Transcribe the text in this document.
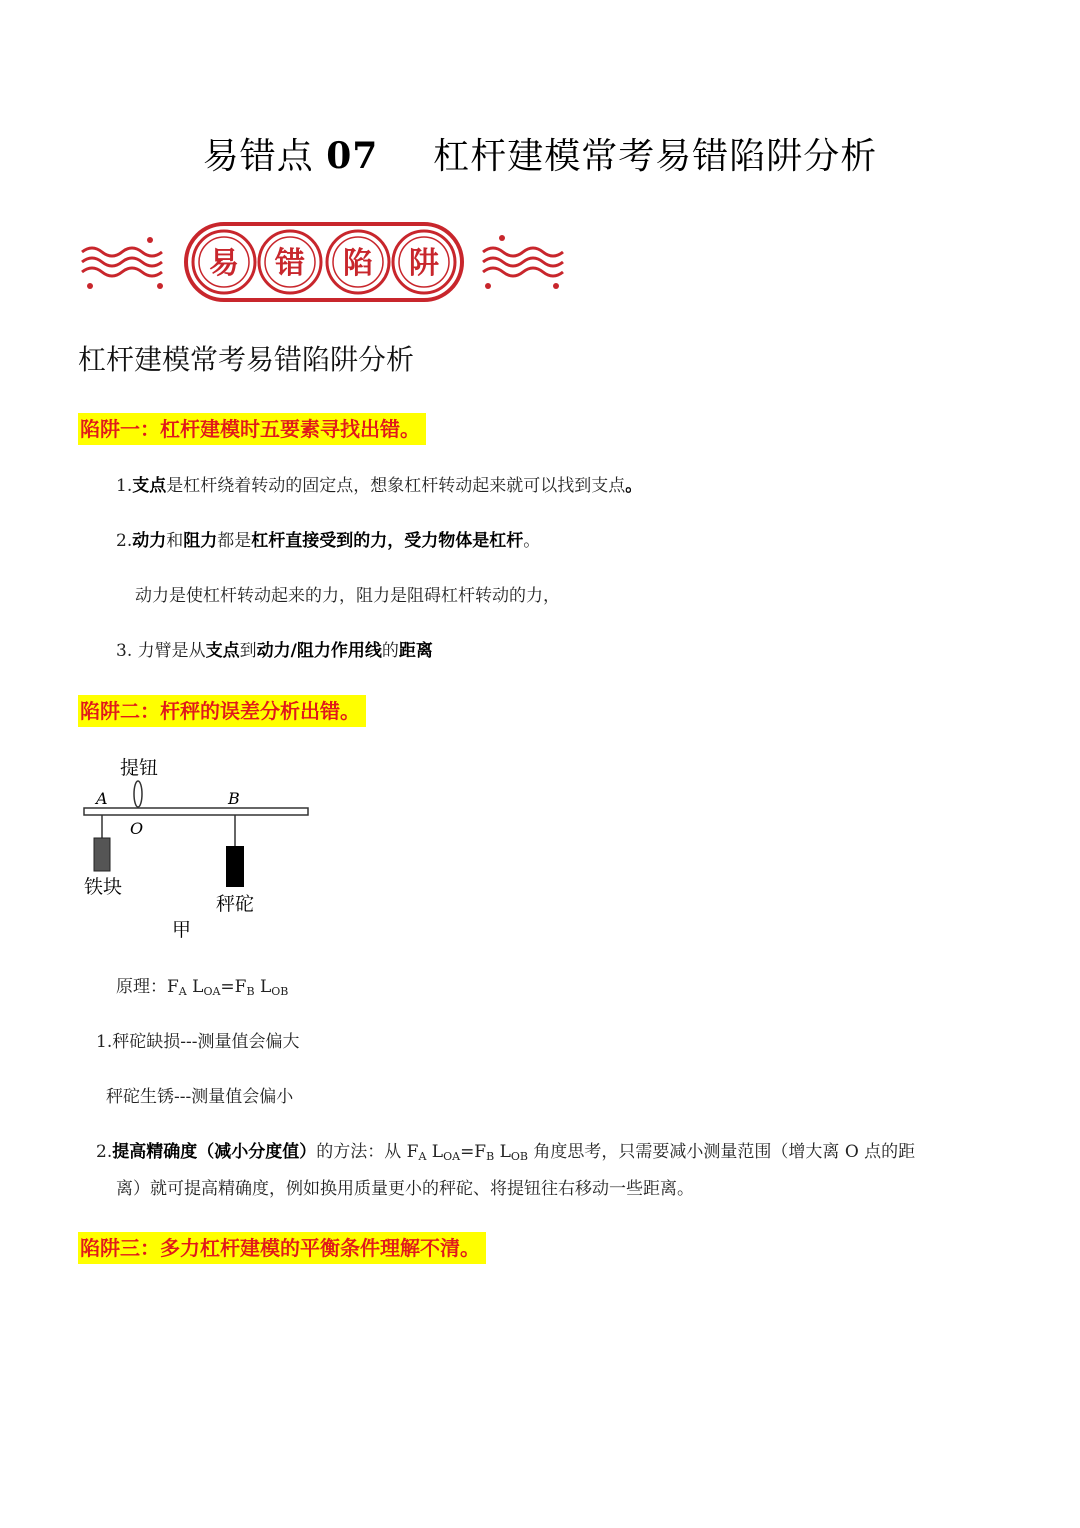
易错点 07 杠杆建模常考易错陷阱分析
易 错 陷 阱
杠杆建模常考易错陷阱分析
陷阱一：杠杆建模时五要素寻找出错。
1.支点是杠杆绕着转动的固定点，想象杠杆转动起来就可以找到支点。
2.动力和阻力都是杠杆直接受到的力，受力物体是杠杆。
动力是使杠杆转动起来的力，阻力是阻碍杠杆转动的力，
3. 力臂是从支点到动力/阻力作用线的距离
陷阱二：杆秤的误差分析出错。
提钮
A	B
O
铁块
秤砣
甲
原理：$F_A$ $L_{OA}=F_B$ $L_{OB}$
1.秤砣缺损---测量值会偏大
秤砣生锈---测量值会偏小
2.提高精确度（减小分度值）的方法：从 $F_A$ $L_{OA}=F_B$ $L_{OB}$ 角度思考，只需要减小测量范围（增大离 O 点的距
离）就可提高精确度，例如换用质量更小的秤砣、将提钮往右移动一些距离。
陷阱三：多力杠杆建模的平衡条件理解不清。
